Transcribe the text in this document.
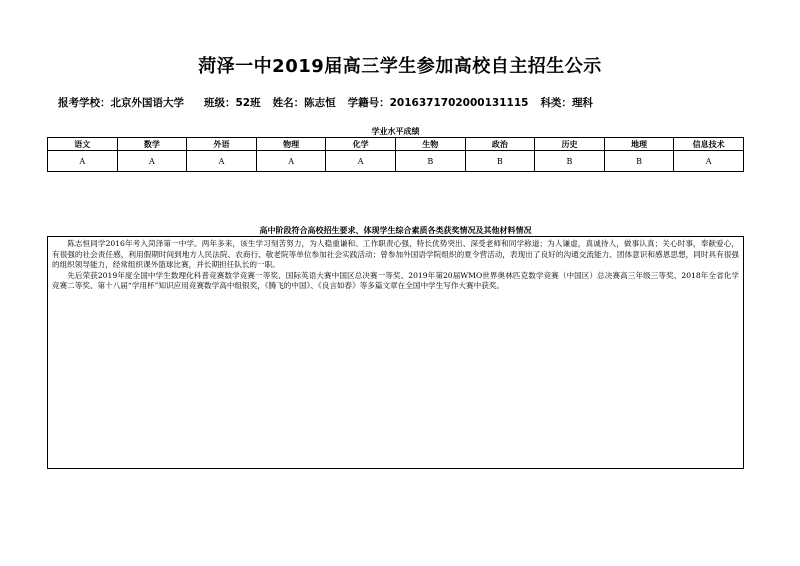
菏泽一中2019届高三学生参加高校自主招生公示
报考学校：北京外国语大学 班级：52班 姓名：陈志恒 学籍号：2016371702000131115 科类：理科
学业水平成绩
语文	数学	外语	物理	化学	生物	政治	历史	地理	信息技术
A	A	A	A	A	B	B	B	B	A
高中阶段符合高校招生要求、体现学生综合素质各类获奖情况及其他材料情况

陈志恒同学2016年考入菏泽第一中学。两年多来，该生学习刻苦努力，为人稳重谦和、工作职责心强、特长优势突出、深受老师和同学称道；为人谦虚，真诚待人，做事认真；关心时事，奉献爱心，有很强的社会责任感，利用假期时间到地方人民法院、农商行、敬老院等单位参加社会实践活动；曾参加外国语学院组织的夏令营活动，表现出了良好的沟通交流能力、团体意识和感恩思想，同时具有很强的组织领导能力，经常组织课外篮球比赛，并长期担任队长的一职。

先后荣获2019年度全国中学生数理化科普竞赛数学竞赛一等奖、国际英语大赛中国区总决赛一等奖、2019年第20届WMO世界奥林匹克数学竞赛（中国区）总决赛高三年级三等奖、2018年全省化学竞赛二等奖、第十八届“学用杯”知识应用竞赛数学高中组银奖，《腾飞的中国》、《良言如春》等多篇文章在全国中学生写作大赛中获奖。
